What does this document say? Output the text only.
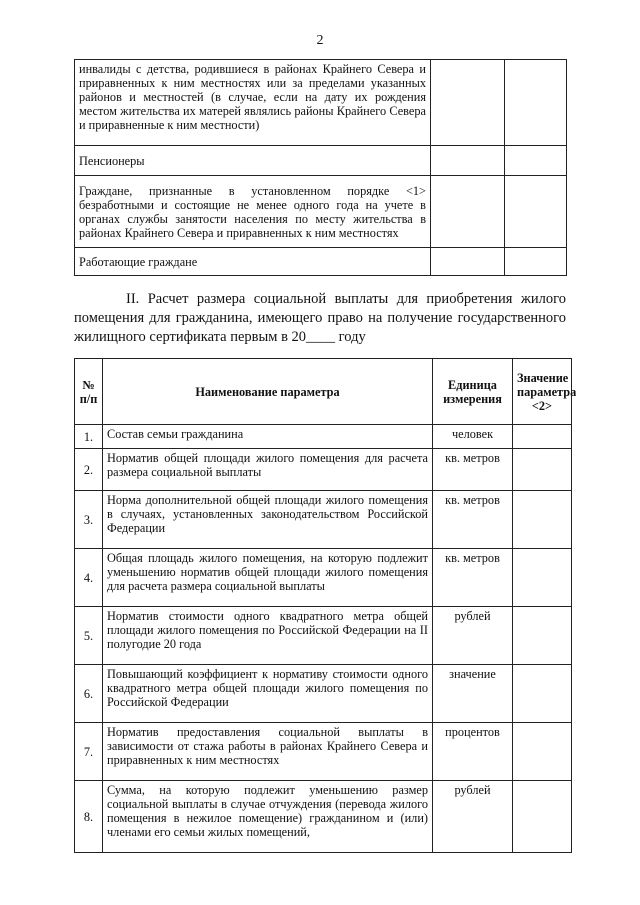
2
инвалиды с детства, родившиеся в районах Крайнего Севера и приравненных к ним местностях или за пределами указанных районов и местностей (в случае, если на дату их рождения местом жительства их матерей являлись районы Крайнего Севера и приравненные к ним местности)		
Пенсионеры		
Граждане, признанные в установленном порядке <1> безработными и состоящие не менее одного года на учете в органах службы занятости населения по месту жительства в районах Крайнего Севера и приравненных к ним местностях		
Работающие граждане		
II. Расчет размера социальной выплаты для приобретения жилого помещения для гражданина, имеющего право на получение государственного жилищного сертификата первым в 20____ году
№ п/п	Наименование параметра	Единица измерения	Значение параметра <2>
1.	Состав семьи гражданина	человек	
2.	Норматив общей площади жилого помещения для расчета размера социальной выплаты	кв. метров	
3.	Норма дополнительной общей площади жилого помещения в случаях, установленных законодательством Российской Федерации	кв. метров	
4.	Общая площадь жилого помещения, на которую подлежит уменьшению норматив общей площади жилого помещения для расчета размера социальной выплаты	кв. метров	
5.	Норматив стоимости одного квадратного метра общей площади жилого помещения по Российской Федерации на II полугодие 20 года	рублей	
6.	Повышающий коэффициент к нормативу стоимости одного квадратного метра общей площади жилого помещения по Российской Федерации	значение	
7.	Норматив предоставления социальной выплаты в зависимости от стажа работы в районах Крайнего Севера и приравненных к ним местностях	процентов	
8.	Сумма, на которую подлежит уменьшению размер социальной выплаты в случае отчуждения (перевода жилого помещения в нежилое помещение) гражданином и (или) членами его семьи жилых помещений,	рублей	
